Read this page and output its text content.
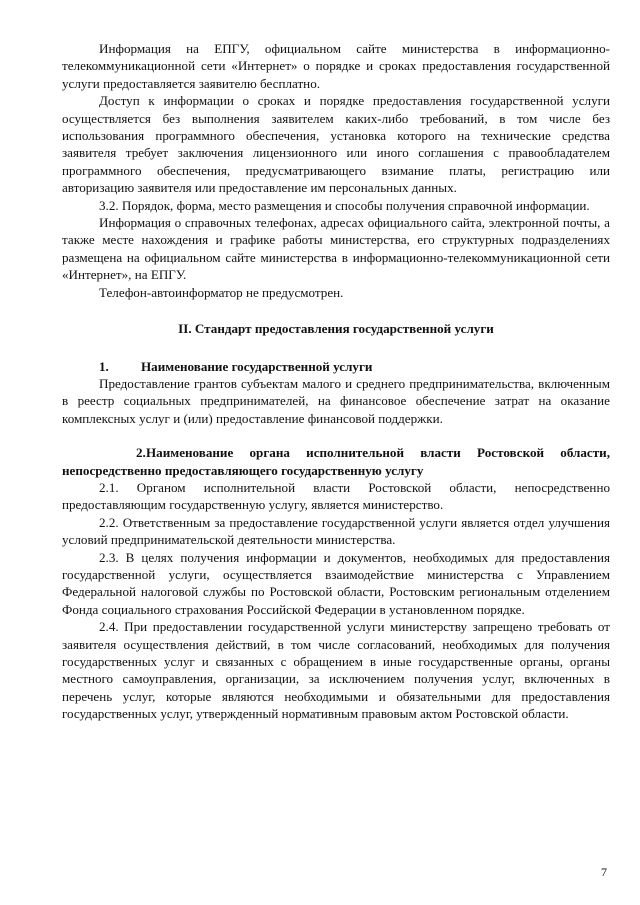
Информация на ЕПГУ, официальном сайте министерства в информационно-телекоммуникационной сети «Интернет» о порядке и сроках предоставления государственной услуги предоставляется заявителю бесплатно.

Доступ к информации о сроках и порядке предоставления государственной услуги осуществляется без выполнения заявителем каких-либо требований, в том числе без использования программного обеспечения, установка которого на технические средства заявителя требует заключения лицензионного или иного соглашения с правообладателем программного обеспечения, предусматривающего взимание платы, регистрацию или авторизацию заявителя или предоставление им персональных данных.

3.2. Порядок, форма, место размещения и способы получения справочной информации.

Информация о справочных телефонах, адресах официального сайта, электронной почты, а также месте нахождения и графике работы министерства, его структурных подразделениях размещена на официальном сайте министерства в информационно-телекоммуникационной сети «Интернет», на ЕПГУ.

Телефон-автоинформатор не предусмотрен.

II. Стандарт предоставления государственной услуги
1. Наименование государственной услуги

Предоставление грантов субъектам малого и среднего предпринимательства, включенным в реестр социальных предпринимателей, на финансовое обеспечение затрат на оказание комплексных услуг и (или) предоставление финансовой поддержки.

2.Наименование органа исполнительной власти Ростовской области, непосредственно предоставляющего государственную услугу

2.1. Органом исполнительной власти Ростовской области, непосредственно предоставляющим государственную услугу, является министерство.

2.2. Ответственным за предоставление государственной услуги является отдел улучшения условий предпринимательской деятельности министерства.

2.3. В целях получения информации и документов, необходимых для предоставления государственной услуги, осуществляется взаимодействие министерства с Управлением Федеральной налоговой службы по Ростовской области, Ростовским региональным отделением Фонда социального страхования Российской Федерации в установленном порядке.

2.4. При предоставлении государственной услуги министерству запрещено требовать от заявителя осуществления действий, в том числе согласований, необходимых для получения государственных услуг и связанных с обращением в иные государственные органы, органы местного самоуправления, организации, за исключением получения услуг, включенных в перечень услуг, которые являются необходимыми и обязательными для предоставления государственных услуг, утвержденный нормативным правовым актом Ростовской области.

7
